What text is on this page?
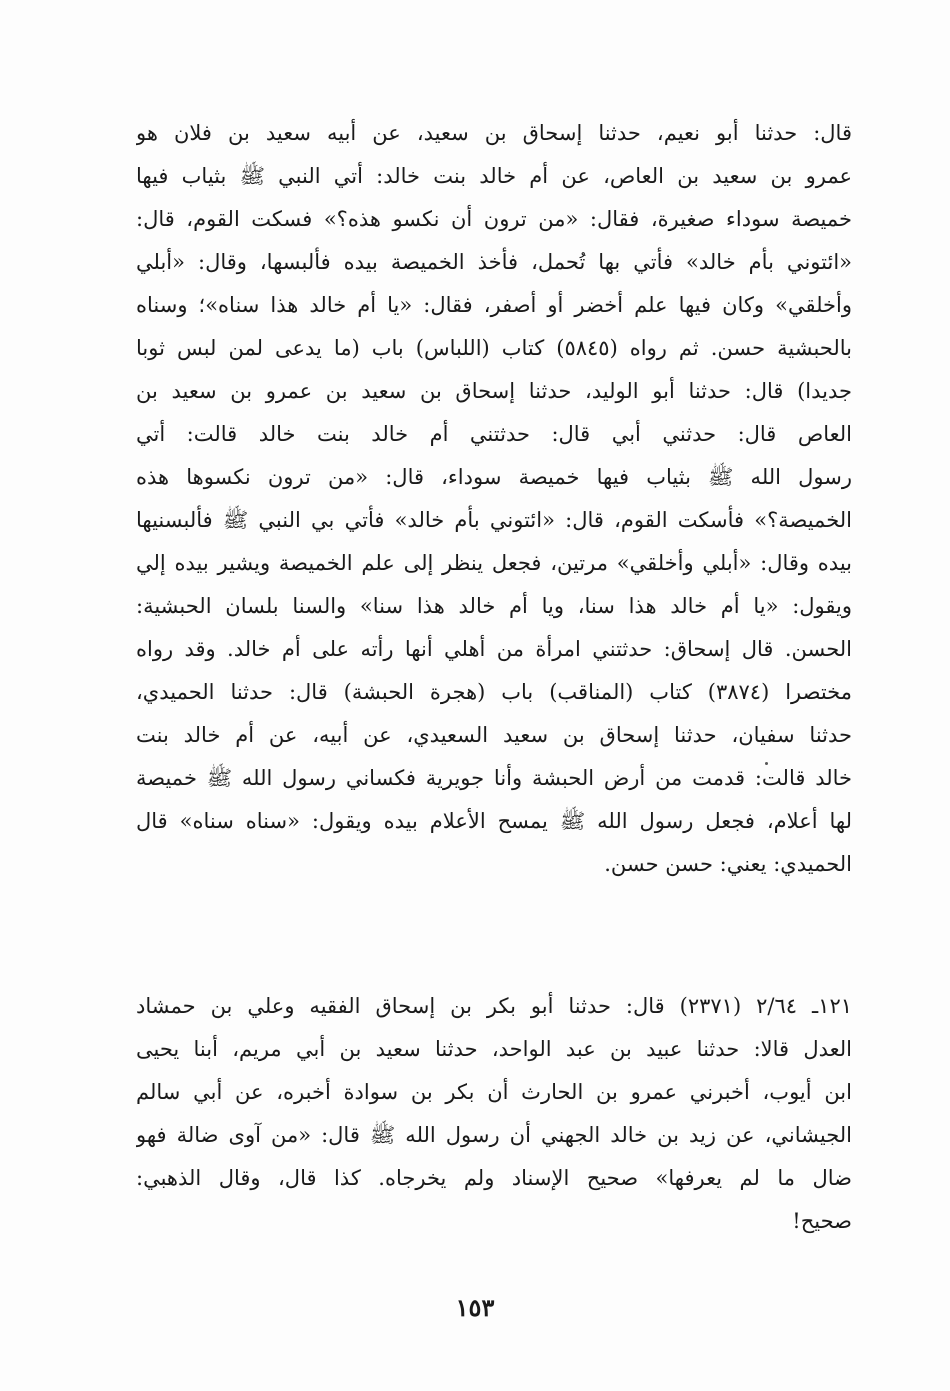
قال: حدثنا أبو نعيم، حدثنا إسحاق بن سعيد، عن أبيه سعيد بن فلان هو
عمرو بن سعيد بن العاص، عن أم خالد بنت خالد: أتي النبي ﷺ بثياب فيها
خميصة سوداء صغيرة، فقال: «من ترون أن نكسو هذه؟» فسكت القوم، قال:
«ائتوني بأم خالد» فأتي بها تُحمل، فأخذ الخميصة بيده فألبسها، وقال: «أبلي
وأخلقي» وكان فيها علم أخضر أو أصفر، فقال: «يا أم خالد هذا سناه»؛ وسناه
بالحبشية حسن. ثم رواه (٥٨٤٥) كتاب (اللباس) باب (ما يدعى لمن لبس ثوبا
جديدا) قال: حدثنا أبو الوليد، حدثنا إسحاق بن سعيد بن عمرو بن سعيد بن
العاص قال: حدثني أبي قال: حدثتني أم خالد بنت خالد قالت: أتي
رسول الله ﷺ بثياب فيها خميصة سوداء، قال: «من ترون نكسوها هذه
الخميصة؟» فأسكت القوم، قال: «ائتوني بأم خالد» فأتي بي النبي ﷺ فألبسنيها
بيده وقال: «أبلي وأخلقي» مرتين، فجعل ينظر إلى علم الخميصة ويشير بيده إلي
ويقول: «يا أم خالد هذا سنا، ويا أم خالد هذا سنا» والسنا بلسان الحبشية:
الحسن. قال إسحاق: حدثتني امرأة من أهلي أنها رأته على أم خالد. وقد رواه
مختصرا (٣٨٧٤) كتاب (المناقب) باب (هجرة الحبشة) قال: حدثنا الحميدي،
حدثنا سفيان، حدثنا إسحاق بن سعيد السعيدي، عن أبيه، عن أم خالد بنت
خالد قالت: قدمت من أرض الحبشة وأنا جويرية فكساني رسول الله ﷺ خميصة
لها أعلام، فجعل رسول الله ﷺ يمسح الأعلام بيده ويقول: «سناه سناه» قال
الحميدي: يعني: حسن حسن.
١٢١ـ ٢/٦٤ (٢٣٧١) قال: حدثنا أبو بكر بن إسحاق الفقيه وعلي بن حمشاد
العدل قالا: حدثنا عبيد بن عبد الواحد، حدثنا سعيد بن أبي مريم، أبنا يحيى
ابن أيوب، أخبرني عمرو بن الحارث أن بكر بن سوادة أخبره، عن أبي سالم
الجيشاني، عن زيد بن خالد الجهني أن رسول الله ﷺ قال: «من آوى ضالة فهو
ضال ما لم يعرفها» صحيح الإسناد ولم يخرجاه. كذا قال، وقال الذهبي:
صحيح!
١٥٣
